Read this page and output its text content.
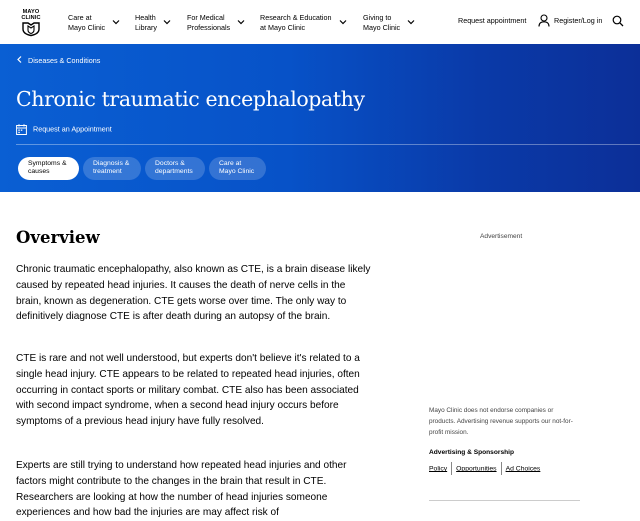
MAYO CLINIC	Care at
Mayo Clinic
Health
Library
For Medical
Professionals
Research & Education
at Mayo Clinic
Giving to
Mayo Clinic
Request appointment	Register/Log in
Diseases & Conditions
Chronic traumatic encephalopathy
Request an Appointment
Symptoms &
causes
Diagnosis &
treatment
Doctors &
departments
Care at
Mayo Clinic
Overview

Chronic traumatic encephalopathy, also known as CTE, is a brain disease likely caused by repeated head injuries. It causes the death of nerve cells in the brain, known as degeneration. CTE gets worse over time. The only way to definitively diagnose CTE is after death during an autopsy of the brain.

CTE is rare and not well understood, but experts don't believe it's related to a single head injury. CTE appears to be related to repeated head injuries, often occurring in contact sports or military combat. CTE also has been associated with second impact syndrome, when a second head injury occurs before symptoms of a previous head injury have fully resolved.

Experts are still trying to understand how repeated head injuries and other factors might contribute to the changes in the brain that result in CTE. Researchers are looking at how the number of head injuries someone experiences and how bad the injuries are may affect risk of

Advertisement
Mayo Clinic does not endorse companies or products. Advertising revenue supports our not-for-profit mission.
Advertising & Sponsorship
Policy Opportunities Ad Choices
